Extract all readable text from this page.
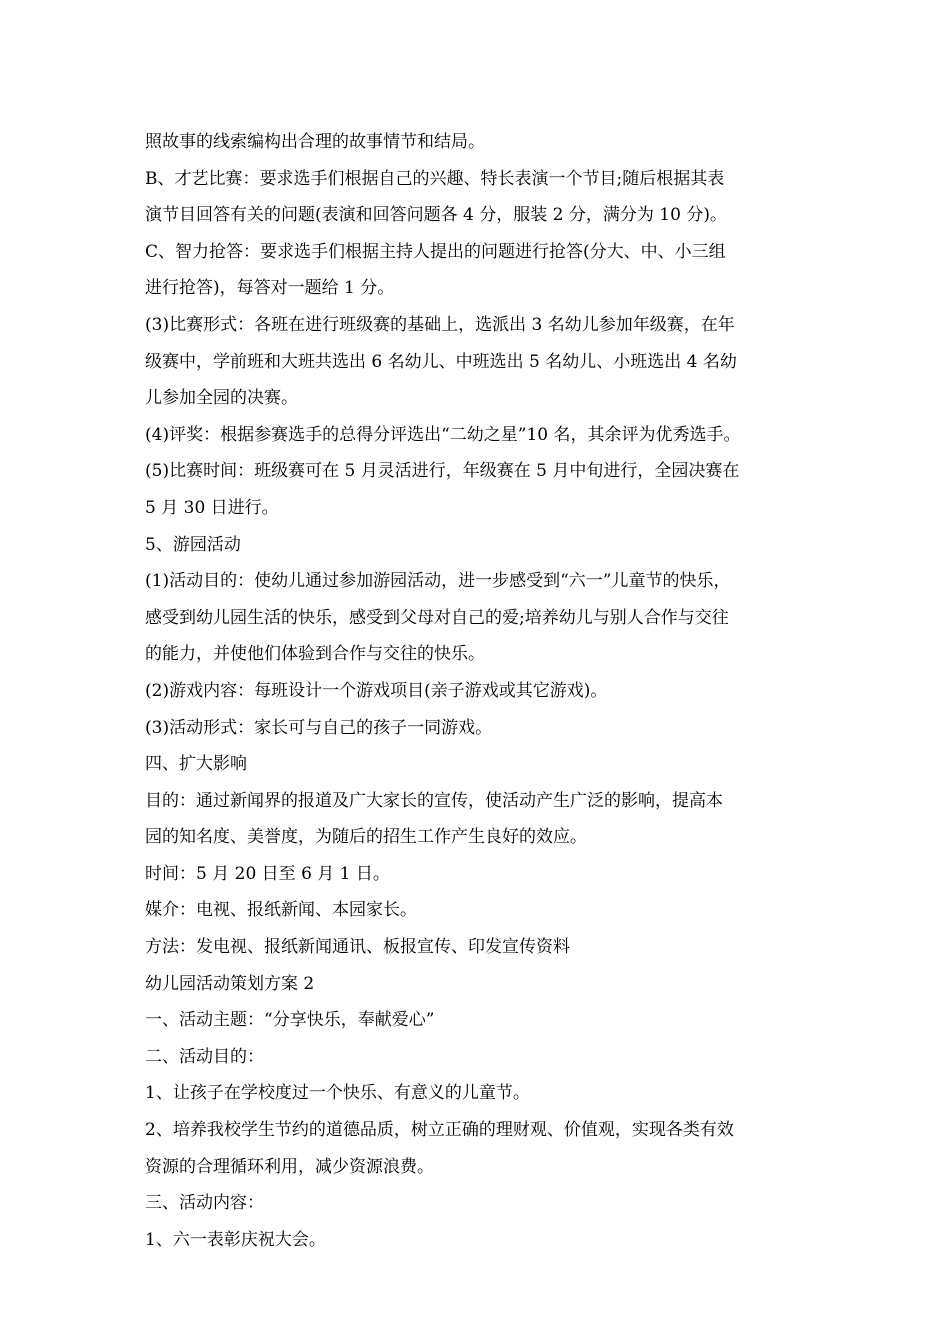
照故事的线索编构出合理的故事情节和结局。
B、才艺比赛：要求选手们根据自己的兴趣、特长表演一个节目;随后根据其表
演节目回答有关的问题(表演和回答问题各 4 分，服装 2 分，满分为 10 分)。
C、智力抢答：要求选手们根据主持人提出的问题进行抢答(分大、中、小三组
进行抢答)，每答对一题给 1 分。
(3)比赛形式：各班在进行班级赛的基础上，选派出 3 名幼儿参加年级赛，在年
级赛中，学前班和大班共选出 6 名幼儿、中班选出 5 名幼儿、小班选出 4 名幼
儿参加全园的决赛。
(4)评奖：根据参赛选手的总得分评选出“二幼之星”10 名，其余评为优秀选手。
(5)比赛时间：班级赛可在 5 月灵活进行，年级赛在 5 月中旬进行，全园决赛在
5 月 30 日进行。
5、游园活动
(1)活动目的：使幼儿通过参加游园活动，进一步感受到“六一”儿童节的快乐，
感受到幼儿园生活的快乐，感受到父母对自己的爱;培养幼儿与别人合作与交往
的能力，并使他们体验到合作与交往的快乐。
(2)游戏内容：每班设计一个游戏项目(亲子游戏或其它游戏)。
(3)活动形式：家长可与自己的孩子一同游戏。
四、扩大影响
目的：通过新闻界的报道及广大家长的宣传，使活动产生广泛的影响，提高本
园的知名度、美誉度，为随后的招生工作产生良好的效应。
时间：5 月 20 日至 6 月 1 日。
媒介：电视、报纸新闻、本园家长。
方法：发电视、报纸新闻通讯、板报宣传、印发宣传资料
幼儿园活动策划方案 2
一、活动主题：“分享快乐，奉献爱心”
二、活动目的：
1、让孩子在学校度过一个快乐、有意义的儿童节。
2、培养我校学生节约的道德品质，树立正确的理财观、价值观，实现各类有效
资源的合理循环利用，减少资源浪费。
三、活动内容：
1、六一表彰庆祝大会。
